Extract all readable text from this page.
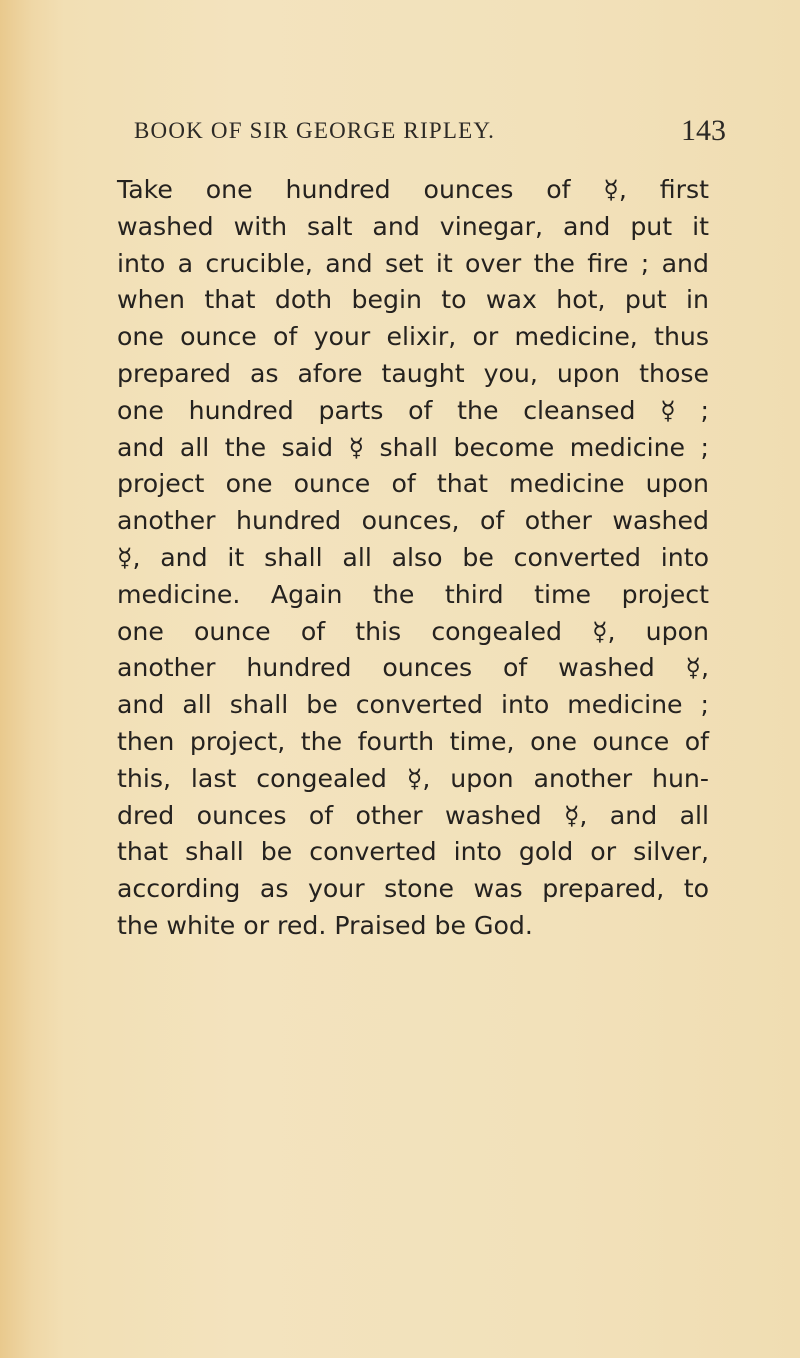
BOOK OF SIR GEORGE RIPLEY.	143
Take one hundred ounces of ☿, first
washed with salt and vinegar, and put it
into a crucible, and set it over the fire ; and
when that doth begin to wax hot, put in
one ounce of your elixir, or medicine, thus
prepared as afore taught you, upon those
one hundred parts of the cleansed ☿ ;
and all the said ☿ shall become medicine ;
project one ounce of that medicine upon
another hundred ounces, of other washed
☿, and it shall all also be converted into
medicine. Again the third time project
one ounce of this congealed ☿, upon
another hundred ounces of washed ☿,
and all shall be converted into medicine ;
then project, the fourth time, one ounce of
this, last congealed ☿, upon another hun-
dred ounces of other washed ☿, and all
that shall be converted into gold or silver,
according as your stone was prepared, to
the white or red. Praised be God.
